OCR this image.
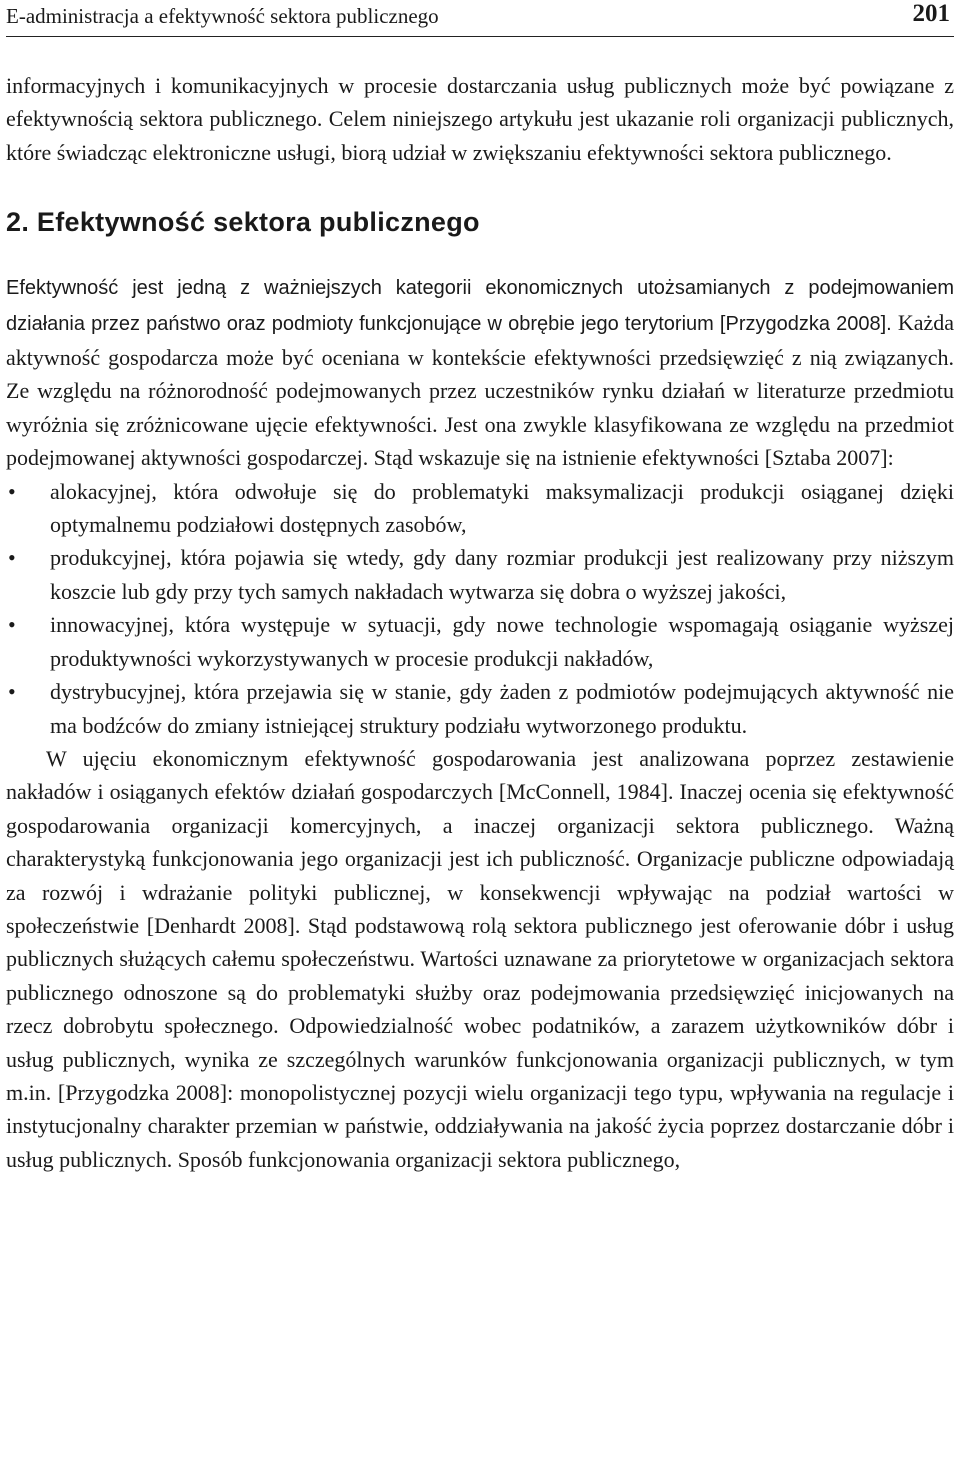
E-administracja a efektywność sektora publicznego	201

informacyjnych i komunikacyjnych w procesie dostarczania usług publicznych może być powiązane z efektywnością sektora publicznego. Celem niniejszego artykułu jest ukazanie roli organizacji publicznych, które świadcząc elektroniczne usługi, biorą udział w zwiększaniu efektywności sektora publicznego.

2. Efektywność sektora publicznego

Efektywność jest jedną z ważniejszych kategorii ekonomicznych utożsamianych z podejmowaniem działania przez państwo oraz podmioty funkcjonujące w obrębie jego terytorium [Przygodzka 2008]. Każda aktywność gospodarcza może być oceniana w kontekście efektywności przedsięwzięć z nią związanych. Ze względu na różnorodność podejmowanych przez uczestników rynku działań w literaturze przedmiotu wyróżnia się zróżnicowane ujęcie efektywności. Jest ona zwykle klasyfikowana ze względu na przedmiot podejmowanej aktywności gospodarczej. Stąd wskazuje się na istnienie efektywności [Sztaba 2007]:

• alokacyjnej, która odwołuje się do problematyki maksymalizacji produkcji osiąganej dzięki optymalnemu podziałowi dostępnych zasobów,
• produkcyjnej, która pojawia się wtedy, gdy dany rozmiar produkcji jest realizowany przy niższym koszcie lub gdy przy tych samych nakładach wytwarza się dobra o wyższej jakości,
• innowacyjnej, która występuje w sytuacji, gdy nowe technologie wspomagają osiąganie wyższej produktywności wykorzystywanych w procesie produkcji nakładów,
• dystrybucyjnej, która przejawia się w stanie, gdy żaden z podmiotów podejmujących aktywność nie ma bodźców do zmiany istniejącej struktury podziału wytworzonego produktu.

W ujęciu ekonomicznym efektywność gospodarowania jest analizowana poprzez zestawienie nakładów i osiąganych efektów działań gospodarczych [McConnell, 1984]. Inaczej ocenia się efektywność gospodarowania organizacji komercyjnych, a inaczej organizacji sektora publicznego. Ważną charakterystyką funkcjonowania jego organizacji jest ich publiczność. Organizacje publiczne odpowiadają za rozwój i wdrażanie polityki publicznej, w konsekwencji wpływając na podział wartości w społeczeństwie [Denhardt 2008]. Stąd podstawową rolą sektora publicznego jest oferowanie dóbr i usług publicznych służących całemu społeczeństwu. Wartości uznawane za priorytetowe w organizacjach sektora publicznego odnoszone są do problematyki służby oraz podejmowania przedsięwzięć inicjowanych na rzecz dobrobytu społecznego. Odpowiedzialność wobec podatników, a zarazem użytkowników dóbr i usług publicznych, wynika ze szczególnych warunków funkcjonowania organizacji publicznych, w tym m.in. [Przygodzka 2008]: monopolistycznej pozycji wielu organizacji tego typu, wpływania na regulacje i instytucjonalny charakter przemian w państwie, oddziaływania na jakość życia poprzez dostarczanie dóbr i usług publicznych. Sposób funkcjonowania organizacji sektora publicznego,
